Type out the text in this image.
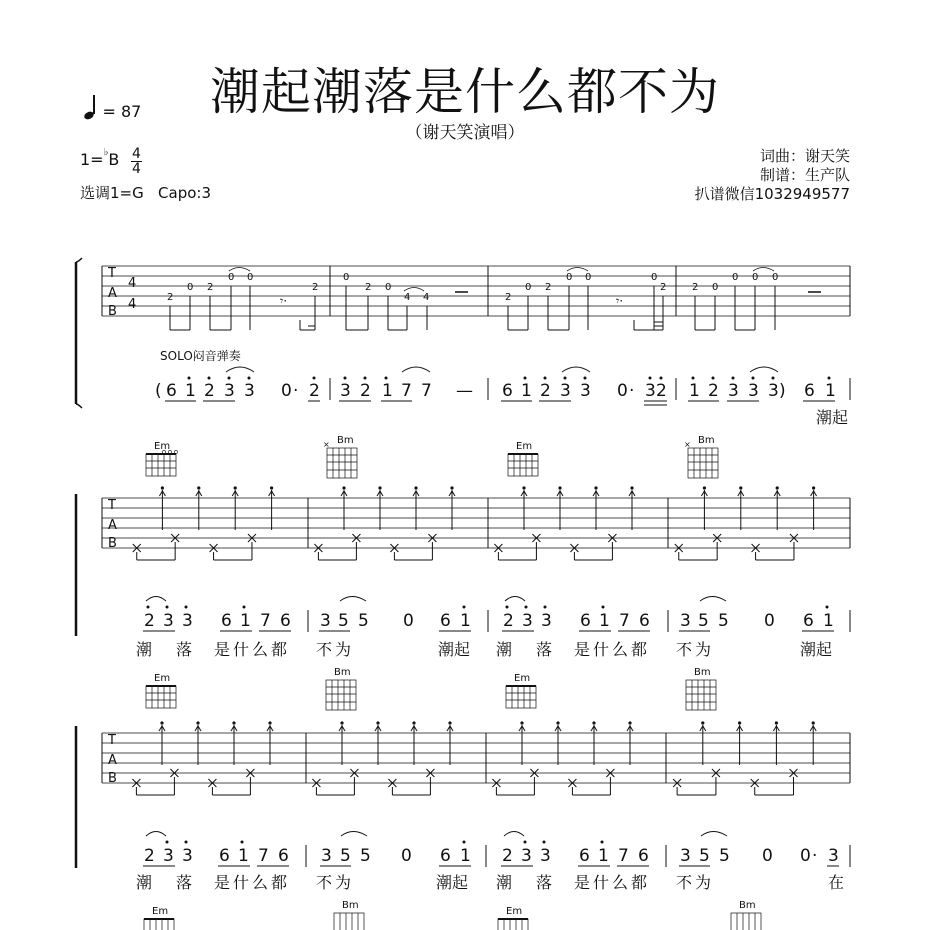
潮起潮落是什么都不为
（谢天笑演唱）
= 87
1=♭B 4
4
选调1=G   Capo:3
词曲：谢天笑
制谱：生产队
扒谱微信1032949577
T
A
B
4
4	2
0 2
0 0
2
0
2 0
4 4	2
0 2
0 0	0
2	2 0
0 0 0
𝄾·	𝄾·
( 6 1 2 3 3 0 · 2 3 2 1 7 7 — 6 1 2 3 3 0 · 3 2 1 2 3 3 3 ) 6 1
潮起
SOLO闷音弹奏
Em
Bm
×	Em
Bm
×
T
A
B
2 3 3 6 1 7 6 3 5 5 0 6 1 2 3 3 6 1 7 6 3 5 5 0 6 1
潮 落 是什么都 不为	潮起 潮 落 是什么都 不为	潮起
Em
Bm
Em
Bm
T
A
B
2 3 3 6 1 7 6 3 5 5 0 6 1 2 3 3 6 1 7 6 3 5 5 0 0 · 3
潮 落 是什么都 不为	潮起 潮 落 是什么都 不为	在
Em
Bm
Em
Bm
